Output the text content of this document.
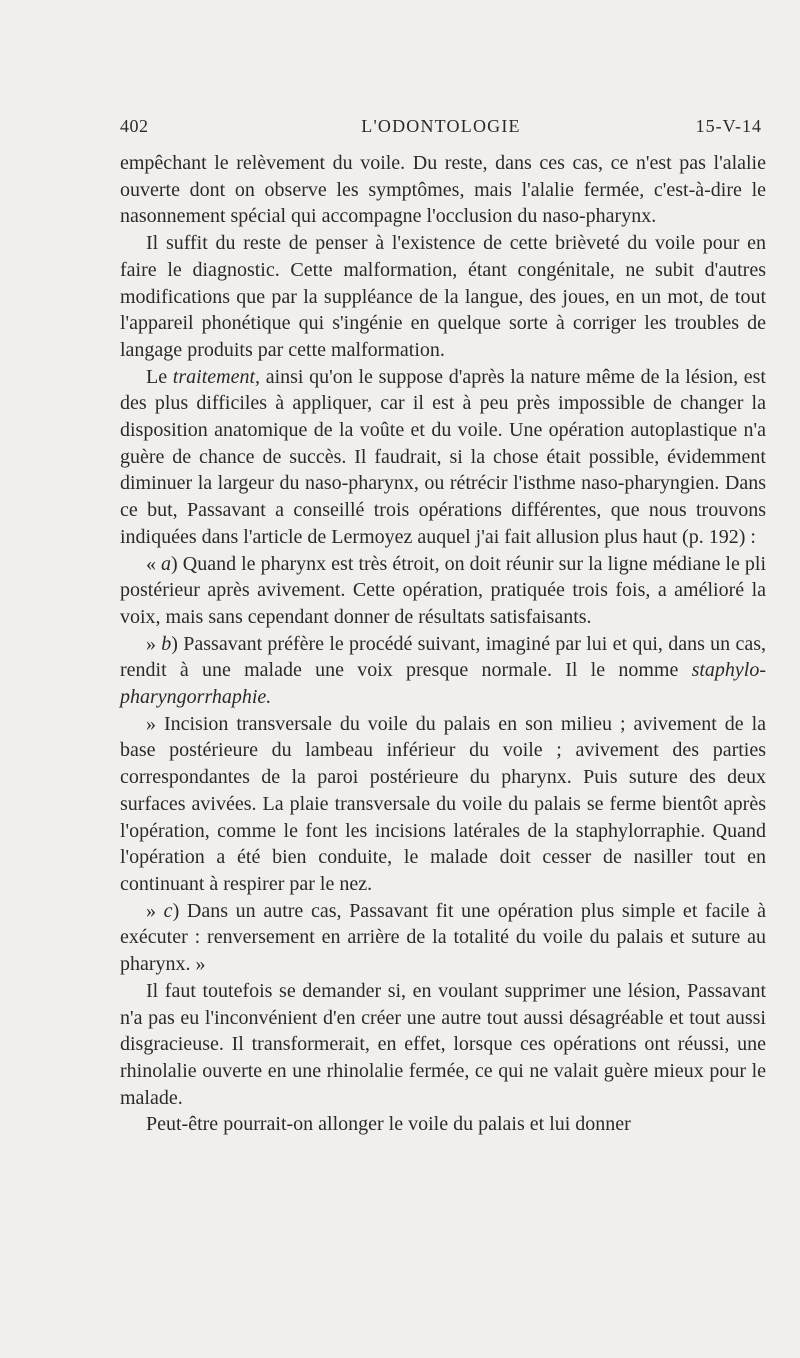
402	L'ODONTOLOGIE	15-V-14

empêchant le relèvement du voile. Du reste, dans ces cas, ce n'est pas l'alalie ouverte dont on observe les symptômes, mais l'alalie fermée, c'est-à-dire le nasonnement spécial qui accompagne l'occlusion du naso-pharynx.

Il suffit du reste de penser à l'existence de cette brièveté du voile pour en faire le diagnostic. Cette malformation, étant congénitale, ne subit d'autres modifications que par la suppléance de la langue, des joues, en un mot, de tout l'appareil phonétique qui s'ingénie en quelque sorte à corriger les troubles de langage produits par cette malformation.

Le traitement, ainsi qu'on le suppose d'après la nature même de la lésion, est des plus difficiles à appliquer, car il est à peu près impossible de changer la disposition anatomique de la voûte et du voile. Une opération autoplastique n'a guère de chance de succès. Il faudrait, si la chose était possible, évidemment diminuer la largeur du naso-pharynx, ou rétrécir l'isthme naso-pharyngien. Dans ce but, Passavant a conseillé trois opérations différentes, que nous trouvons indiquées dans l'article de Lermoyez auquel j'ai fait allusion plus haut (p. 192) :

« a) Quand le pharynx est très étroit, on doit réunir sur la ligne médiane le pli postérieur après avivement. Cette opération, pratiquée trois fois, a amélioré la voix, mais sans cependant donner de résultats satisfaisants.

» b) Passavant préfère le procédé suivant, imaginé par lui et qui, dans un cas, rendit à une malade une voix presque normale. Il le nomme staphylo-pharyngorrhaphie.

» Incision transversale du voile du palais en son milieu ; avivement de la base postérieure du lambeau inférieur du voile ; avivement des parties correspondantes de la paroi postérieure du pharynx. Puis suture des deux surfaces avivées. La plaie transversale du voile du palais se ferme bientôt après l'opération, comme le font les incisions latérales de la staphylorraphie. Quand l'opération a été bien conduite, le malade doit cesser de nasiller tout en continuant à respirer par le nez.

» c) Dans un autre cas, Passavant fit une opération plus simple et facile à exécuter : renversement en arrière de la totalité du voile du palais et suture au pharynx. »

Il faut toutefois se demander si, en voulant supprimer une lésion, Passavant n'a pas eu l'inconvénient d'en créer une autre tout aussi désagréable et tout aussi disgracieuse. Il transformerait, en effet, lorsque ces opérations ont réussi, une rhinolalie ouverte en une rhinolalie fermée, ce qui ne valait guère mieux pour le malade.

Peut-être pourrait-on allonger le voile du palais et lui donner
